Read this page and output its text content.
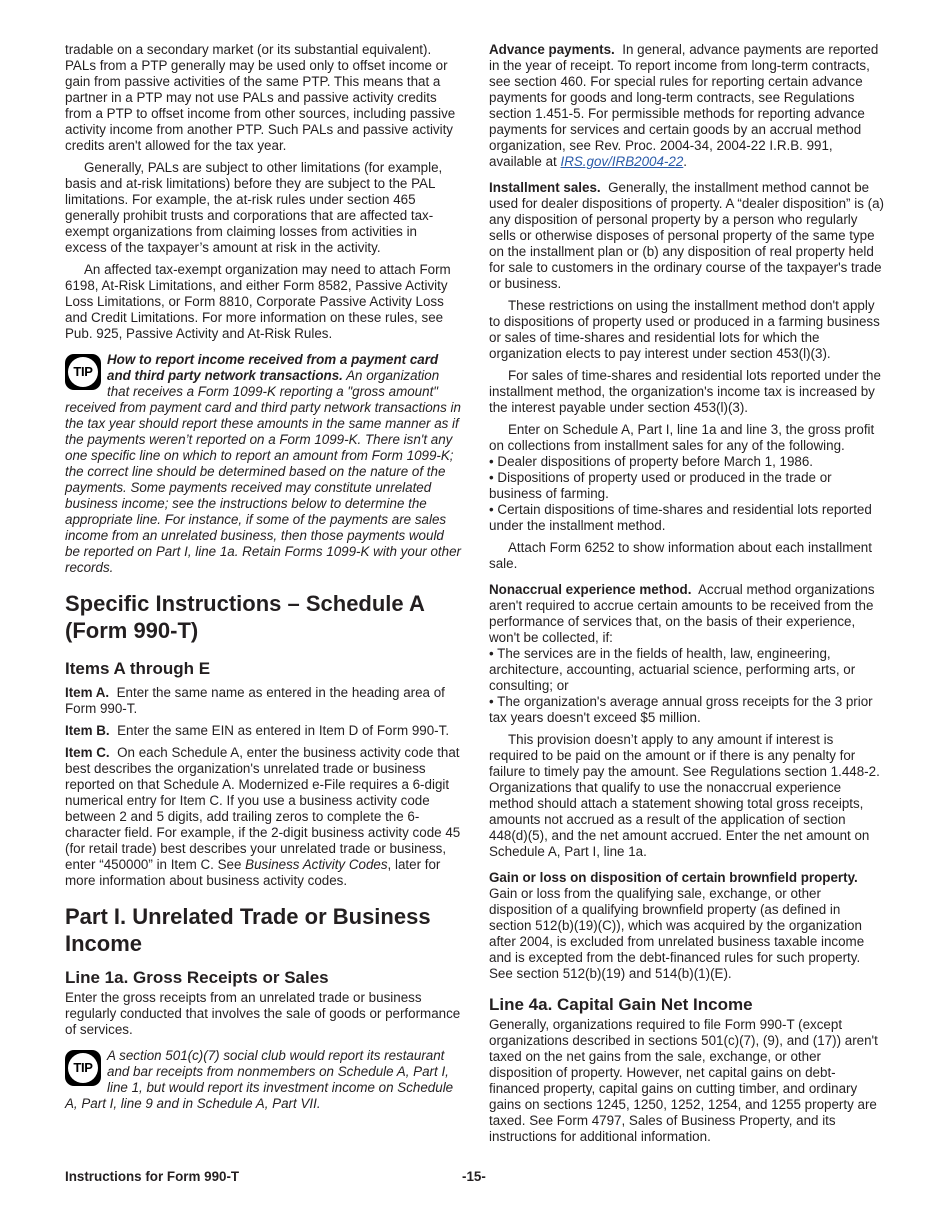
tradable on a secondary market (or its substantial equivalent). PALs from a PTP generally may be used only to offset income or gain from passive activities of the same PTP. This means that a partner in a PTP may not use PALs and passive activity credits from a PTP to offset income from other sources, including passive activity income from another PTP. Such PALs and passive activity credits aren't allowed for the tax year.

Generally, PALs are subject to other limitations (for example, basis and at-risk limitations) before they are subject to the PAL limitations. For example, the at-risk rules under section 465 generally prohibit trusts and corporations that are affected tax-exempt organizations from claiming losses from activities in excess of the taxpayer’s amount at risk in the activity.

An affected tax-exempt organization may need to attach Form 6198, At-Risk Limitations, and either Form 8582, Passive Activity Loss Limitations, or Form 8810, Corporate Passive Activity Loss and Credit Limitations. For more information on these rules, see Pub. 925, Passive Activity and At-Risk Rules.

TIP
How to report income received from a payment card and third party network transactions. An organization that receives a Form 1099-K reporting a "gross amount" received from payment card and third party network transactions in the tax year should report these amounts in the same manner as if the payments weren’t reported on a Form 1099-K. There isn't any one specific line on which to report an amount from Form 1099-K; the correct line should be determined based on the nature of the payments. Some payments received may constitute unrelated business income; see the instructions below to determine the appropriate line. For instance, if some of the payments are sales income from an unrelated business, then those payments would be reported on Part I, line 1a. Retain Forms 1099-K with your other records.
Specific Instructions – Schedule A (Form 990-T)
Items A through E

Item A. Enter the same name as entered in the heading area of Form 990-T.

Item B. Enter the same EIN as entered in Item D of Form 990-T.

Item C. On each Schedule A, enter the business activity code that best describes the organization's unrelated trade or business reported on that Schedule A. Modernized e-File requires a 6-digit numerical entry for Item C. If you use a business activity code between 2 and 5 digits, add trailing zeros to complete the 6-character field. For example, if the 2-digit business activity code 45 (for retail trade) best describes your unrelated trade or business, enter “450000” in Item C. See Business Activity Codes, later for more information about business activity codes.

Part I. Unrelated Trade or Business Income
Line 1a. Gross Receipts or Sales

Enter the gross receipts from an unrelated trade or business regularly conducted that involves the sale of goods or performance of services.

TIP
A section 501(c)(7) social club would report its restaurant and bar receipts from nonmembers on Schedule A, Part I, line 1, but would report its investment income on Schedule A, Part I, line 9 and in Schedule A, Part VII.

Advance payments. In general, advance payments are reported in the year of receipt. To report income from long-term contracts, see section 460. For special rules for reporting certain advance payments for goods and long-term contracts, see Regulations section 1.451-5. For permissible methods for reporting advance payments for services and certain goods by an accrual method organization, see Rev. Proc. 2004-34, 2004-22 I.R.B. 991, available at IRS.gov/IRB2004-22.

Installment sales. Generally, the installment method cannot be used for dealer dispositions of property. A “dealer disposition” is (a) any disposition of personal property by a person who regularly sells or otherwise disposes of personal property of the same type on the installment plan or (b) any disposition of real property held for sale to customers in the ordinary course of the taxpayer's trade or business.

These restrictions on using the installment method don't apply to dispositions of property used or produced in a farming business or sales of time-shares and residential lots for which the organization elects to pay interest under section 453(l)(3).

For sales of time-shares and residential lots reported under the installment method, the organization's income tax is increased by the interest payable under section 453(l)(3).

Enter on Schedule A, Part I, line 1a and line 3, the gross profit on collections from installment sales for any of the following.

• Dealer dispositions of property before March 1, 1986.
• Dispositions of property used or produced in the trade or business of farming.
• Certain dispositions of time-shares and residential lots reported under the installment method.

Attach Form 6252 to show information about each installment sale.

Nonaccrual experience method. Accrual method organizations aren't required to accrue certain amounts to be received from the performance of services that, on the basis of their experience, won't be collected, if:

• The services are in the fields of health, law, engineering, architecture, accounting, actuarial science, performing arts, or consulting; or
• The organization's average annual gross receipts for the 3 prior tax years doesn't exceed $5 million.

This provision doesn’t apply to any amount if interest is required to be paid on the amount or if there is any penalty for failure to timely pay the amount. See Regulations section 1.448-2. Organizations that qualify to use the nonaccrual experience method should attach a statement showing total gross receipts, amounts not accrued as a result of the application of section 448(d)(5), and the net amount accrued. Enter the net amount on Schedule A, Part I, line 1a.

Gain or loss on disposition of certain brownfield property. Gain or loss from the qualifying sale, exchange, or other disposition of a qualifying brownfield property (as defined in section 512(b)(19)(C)), which was acquired by the organization after 2004, is excluded from unrelated business taxable income and is excepted from the debt-financed rules for such property. See section 512(b)(19) and 514(b)(1)(E).

Line 4a. Capital Gain Net Income

Generally, organizations required to file Form 990-T (except organizations described in sections 501(c)(7), (9), and (17)) aren't taxed on the net gains from the sale, exchange, or other disposition of property. However, net capital gains on debt-financed property, capital gains on cutting timber, and ordinary gains on sections 1245, 1250, 1252, 1254, and 1255 property are taxed. See Form 4797, Sales of Business Property, and its instructions for additional information.

Instructions for Form 990-T	-15-
